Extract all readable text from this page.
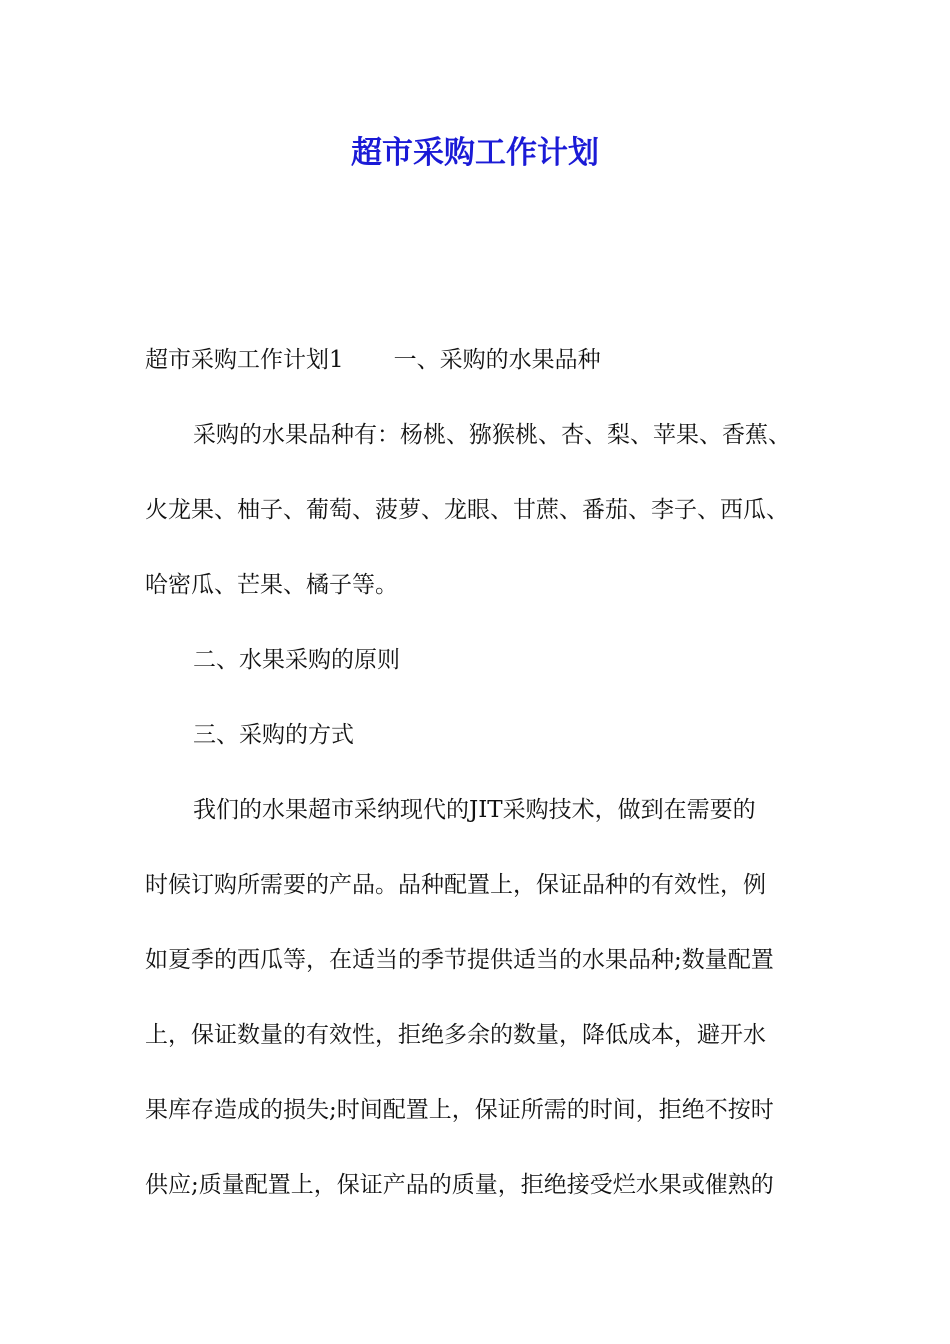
超市采购工作计划

超市采购工作计划1 一、采购的水果品种

采购的水果品种有：杨桃、猕猴桃、杏、梨、苹果、香蕉、

火龙果、柚子、葡萄、菠萝、龙眼、甘蔗、番茄、李子、西瓜、

哈密瓜、芒果、橘子等。

二、水果采购的原则

三、采购的方式

我们的水果超市采纳现代的JIT采购技术，做到在需要的

时候订购所需要的产品。品种配置上，保证品种的有效性，例

如夏季的西瓜等，在适当的季节提供适当的水果品种;数量配置

上，保证数量的有效性，拒绝多余的数量，降低成本，避开水

果库存造成的损失;时间配置上，保证所需的时间，拒绝不按时

供应;质量配置上，保证产品的质量，拒绝接受烂水果或催熟的
